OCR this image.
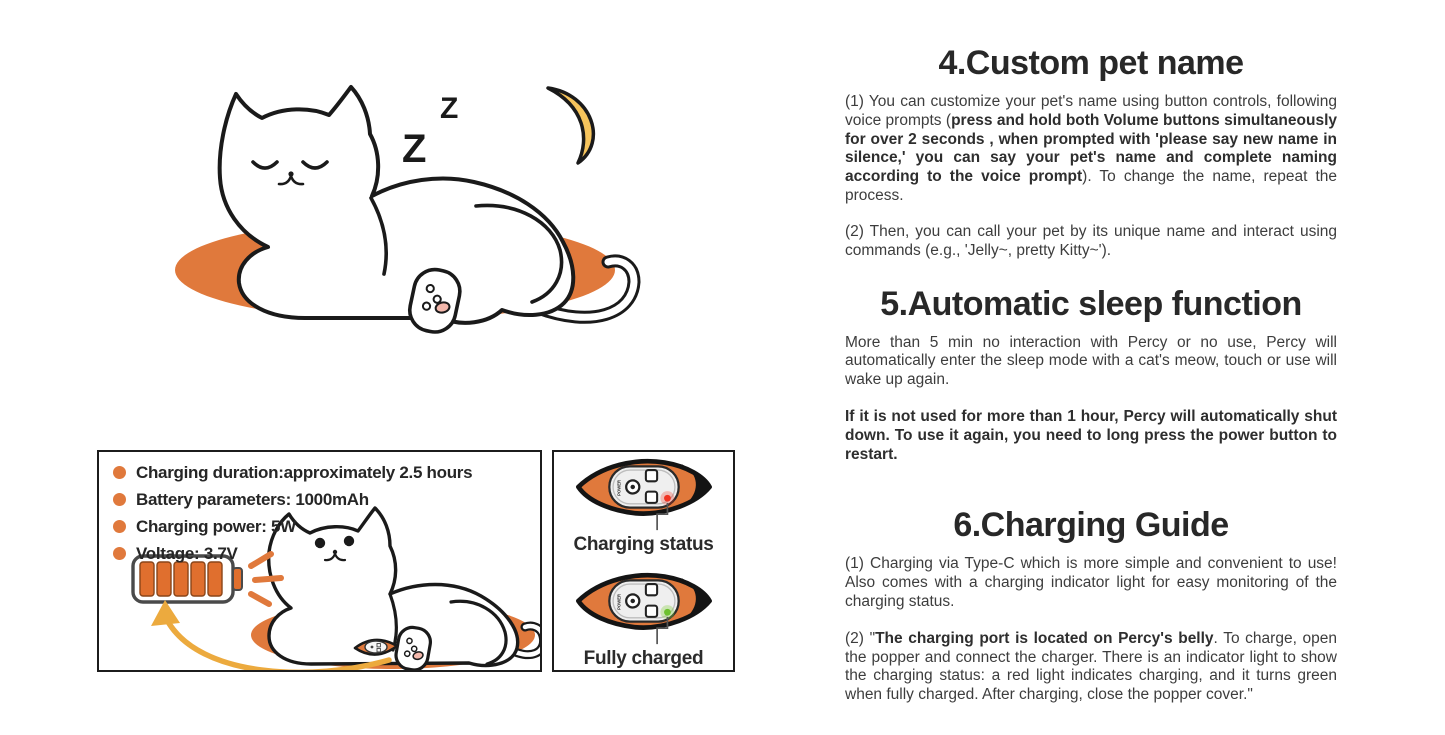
Z
Z
Charging duration:approximately 2.5 hours
Battery parameters: 1000mAh
Charging power: 5W
Voltage: 3.7V
POWER
Charging status
POWER
Fully charged
4.Custom pet name

(1) You can customize your pet's name using button controls, following voice prompts (press and hold both Volume buttons simultaneously for over 2 seconds , when prompted with 'please say new name in silence,' you can say your pet's name and complete naming according to the voice prompt). To change the name, repeat the process.

(2) Then, you can call your pet by its unique name and interact using commands (e.g., 'Jelly~, pretty Kitty~').

5.Automatic sleep function

More than 5 min no interaction with Percy or no use, Percy will automatically enter the sleep mode with a cat's meow, touch or use will wake up again.

If it is not used for more than 1 hour, Percy will automatically shut down. To use it again, you need to long press the power button to restart.

6.Charging Guide

(1) Charging via Type-C which is more simple and convenient to use! Also comes with a charging indicator light for easy monitoring of the charging status.

(2) "The charging port is located on Percy's belly. To charge, open the popper and connect the charger. There is an indicator light to show the charging status: a red light indicates charging, and it turns green when fully charged. After charging, close the popper cover."
